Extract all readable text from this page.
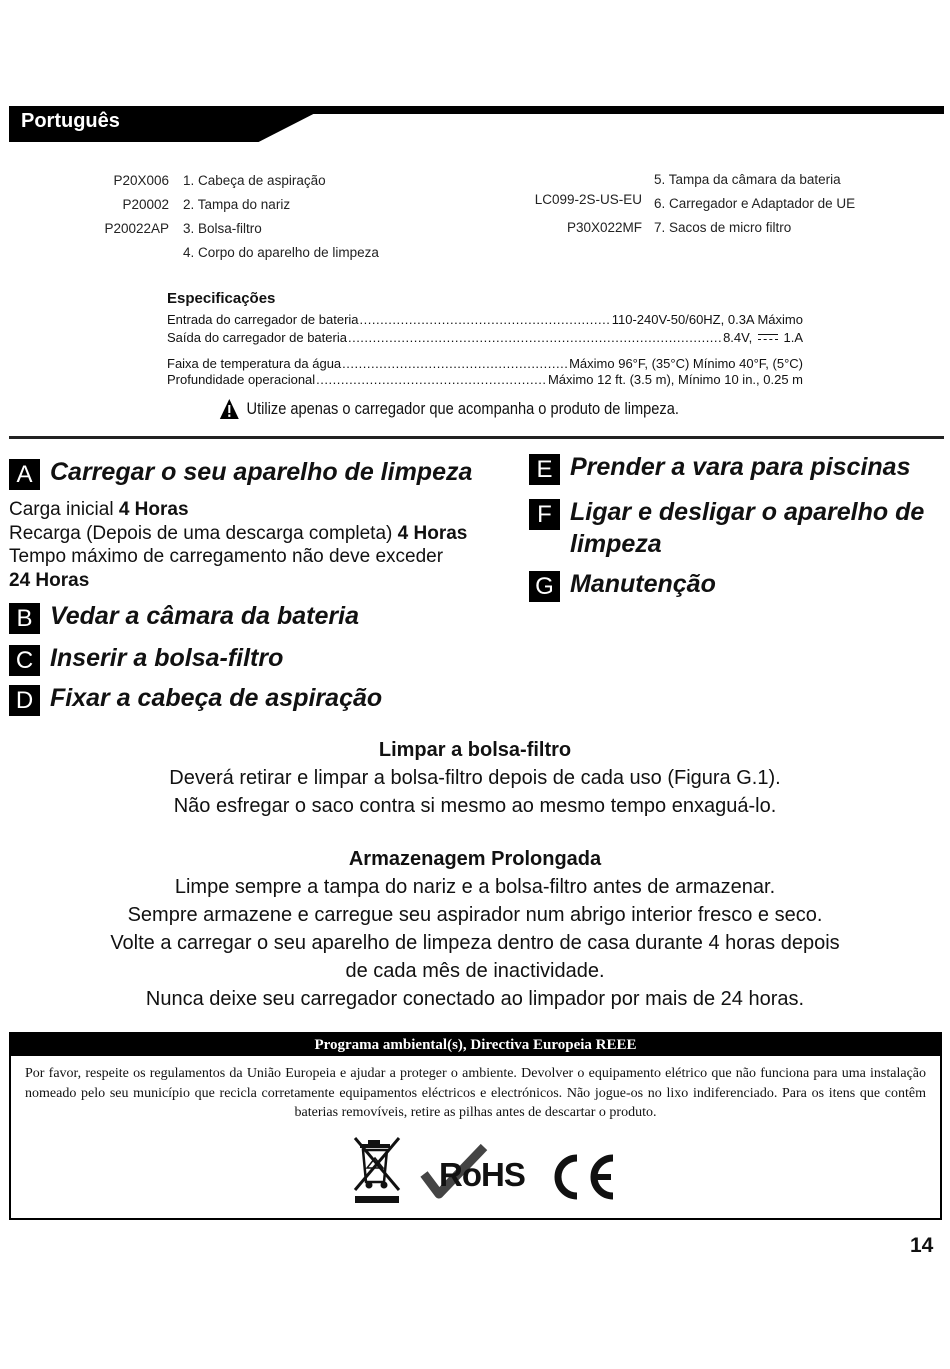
Português
P20X006 1. Cabeça de aspiração
P20002 2. Tampa do nariz
P20022AP 3. Bolsa-filtro
4. Corpo do aparelho de limpeza
5. Tampa da câmara da bateria
LC099-2S-US-EU 6. Carregador e Adaptador de UE
P30X022MF 7. Sacos de micro filtro
Especificações
Entrada do carregador de bateria .....	110-240V-50/60HZ, 0.3A Máximo
Saída do carregador de bateria .....	8.4V, 1.A
Faixa de temperatura da água .....	Máximo 96°F, (35°C) Mínimo 40°F, (5°C)
Profundidade operacional .....	Máximo 12 ft. (3.5 m), Mínimo 10 in., 0.25 m
Utilize apenas o carregador que acompanha o produto de limpeza.
A Carregar o seu aparelho de limpeza
Carga inicial 4 Horas
Recarga (Depois de uma descarga completa) 4 Horas
Tempo máximo de carregamento não deve exceder
24 Horas
B Vedar a câmara da bateria
C Inserir a bolsa-filtro
D Fixar a cabeça de aspiração
E Prender a vara para piscinas
F Ligar e desligar o aparelho de limpeza
G Manutenção
Limpar a bolsa-filtro
Deverá retirar e limpar a bolsa-filtro depois de cada uso (Figura G.1).
Não esfregar o saco contra si mesmo ao mesmo tempo enxaguá-lo.
Armazenagem Prolongada
Limpe sempre a tampa do nariz e a bolsa-filtro antes de armazenar.
Sempre armazene e carregue seu aspirador num abrigo interior fresco e seco.
Volte a carregar o seu aparelho de limpeza dentro de casa durante 4 horas depois
de cada mês de inactividade.
Nunca deixe seu carregador conectado ao limpador por mais de 24 horas.
Programa ambiental(s), Directiva Europeia REEE
Por favor, respeite os regulamentos da União Europeia e ajudar a proteger o ambiente. Devolver o equipamento elétrico que não funciona para uma instalação nomeado pelo seu município que recicla corretamente equipamentos eléctricos e electrónicos. Não jogue-os no lixo indiferenciado. Para os itens que contêm baterias removíveis, retire as pilhas antes de descartar o produto.
RoHS
14
